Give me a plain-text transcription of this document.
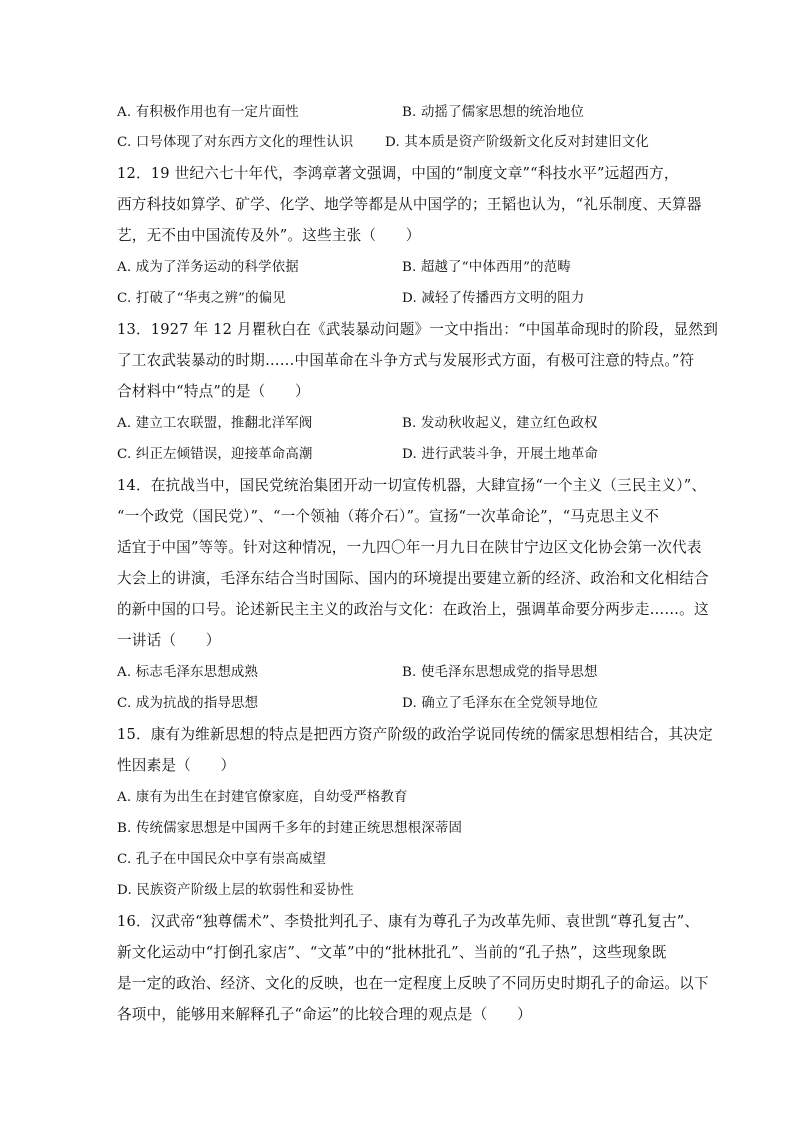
A. 有积极作用也有一定片面性	B. 动摇了儒家思想的统治地位
C. 口号体现了对东西方文化的理性认识 D. 其本质是资产阶级新文化反对封建旧文化
12．19 世纪六七十年代，李鸿章著文强调，中国的“制度文章”“科技水平”远超西方，
西方科技如算学、矿学、化学、地学等都是从中国学的；王韬也认为，“礼乐制度、天算器
艺，无不由中国流传及外”。这些主张（　　）
A. 成为了洋务运动的科学依据	B. 超越了“中体西用”的范畴
C. 打破了“华夷之辨”的偏见	D. 减轻了传播西方文明的阻力
13．1927 年 12 月瞿秋白在《武装暴动问题》一文中指出：“中国革命现时的阶段，显然到
了工农武装暴动的时期……中国革命在斗争方式与发展形式方面，有极可注意的特点。”符
合材料中“特点”的是（　　）
A. 建立工农联盟，推翻北洋军阀	B. 发动秋收起义，建立红色政权
C. 纠正左倾错误，迎接革命高潮	D. 进行武装斗争，开展土地革命
14．在抗战当中，国民党统治集团开动一切宣传机器，大肆宣扬“一个主义（三民主义）”、
“一个政党（国民党）”、“一个领袖（蒋介石）”。宣扬“一次革命论”，“马克思主义不
适宜于中国”等等。针对这种情况，一九四〇年一月九日在陕甘宁边区文化协会第一次代表
大会上的讲演，毛泽东结合当时国际、国内的环境提出要建立新的经济、政治和文化相结合
的新中国的口号。论述新民主主义的政治与文化：在政治上，强调革命要分两步走……。这
一讲话（　　）
A. 标志毛泽东思想成熟	B. 使毛泽东思想成党的指导思想
C. 成为抗战的指导思想	D. 确立了毛泽东在全党领导地位
15．康有为维新思想的特点是把西方资产阶级的政治学说同传统的儒家思想相结合，其决定
性因素是（　　）
A. 康有为出生在封建官僚家庭，自幼受严格教育
B. 传统儒家思想是中国两千多年的封建正统思想根深蒂固
C. 孔子在中国民众中享有崇高威望
D. 民族资产阶级上层的软弱性和妥协性
16．汉武帝“独尊儒术”、李贽批判孔子、康有为尊孔子为改革先师、袁世凯“尊孔复古”、
新文化运动中“打倒孔家店”、“文革”中的“批林批孔”、当前的“孔子热”，这些现象既
是一定的政治、经济、文化的反映，也在一定程度上反映了不同历史时期孔子的命运。以下
各项中，能够用来解释孔子“命运”的比较合理的观点是（　　）
